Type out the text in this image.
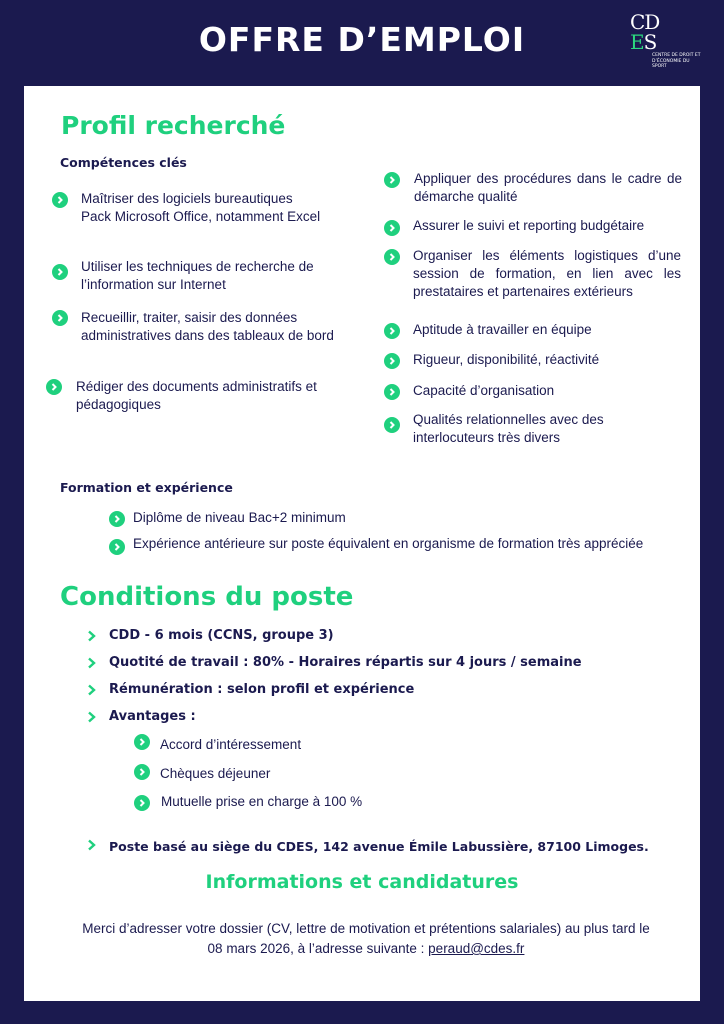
OFFRE D’EMPLOI	CD
ES
CENTRE DE DROIT ET D’ÉCONOMIE DU SPORT
Profil recherché
Compétences clés
Maîtriser des logiciels bureautiques Pack Microsoft Office, notamment Excel
Utiliser les techniques de recherche de l’information sur Internet
Recueillir, traiter, saisir des données administratives dans des tableaux de bord
Rédiger des documents administratifs et pédagogiques
Appliquer des procédures dans le cadre de démarche qualité
Assurer le suivi et reporting budgétaire
Organiser les éléments logistiques d’une session de formation, en lien avec les prestataires et partenaires extérieurs
Aptitude à travailler en équipe
Rigueur, disponibilité, réactivité
Capacité d’organisation
Qualités relationnelles avec des interlocuteurs très divers
Formation et expérience
Diplôme de niveau Bac+2 minimum
Expérience antérieure sur poste équivalent en organisme de formation très appréciée
Conditions du poste
CDD - 6 mois (CCNS, groupe 3)
Quotité de travail : 80% - Horaires répartis sur 4 jours / semaine
Rémunération : selon profil et expérience
Avantages :
Accord d’intéressement
Chèques déjeuner
Mutuelle prise en charge à 100 %
Poste basé au siège du CDES, 142 avenue Émile Labussière, 87100 Limoges.
Informations et candidatures
Merci d’adresser votre dossier (CV, lettre de motivation et prétentions salariales) au plus tard le 08 mars 2026, à l’adresse suivante : peraud@cdes.fr
